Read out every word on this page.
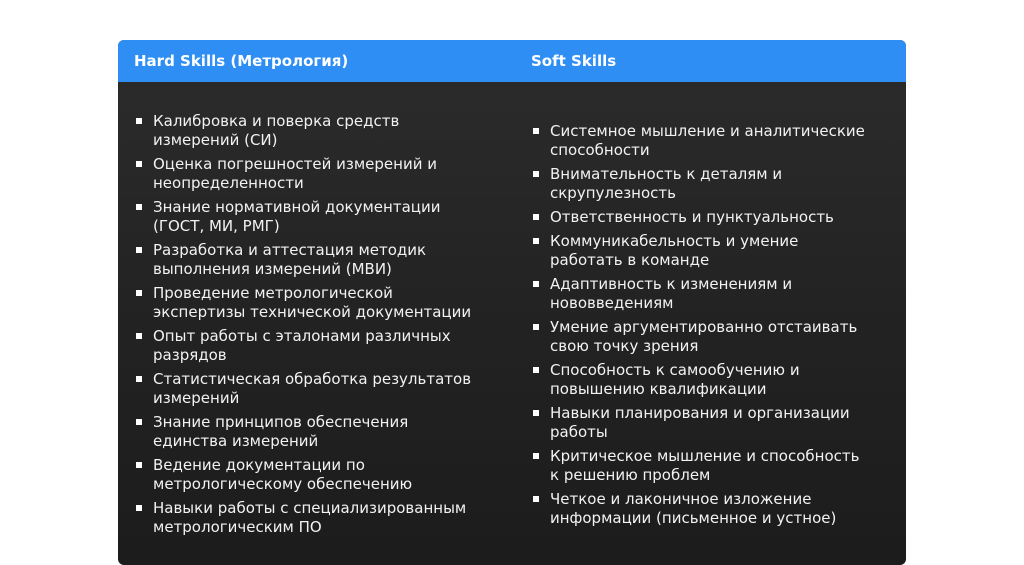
Hard Skills (Метрология)	Soft Skills
Калибровка и поверка средств
измерений (СИ)
Оценка погрешностей измерений и
неопределенности
Знание нормативной документации
(ГОСТ, МИ, РМГ)
Разработка и аттестация методик
выполнения измерений (МВИ)
Проведение метрологической
экспертизы технической документации
Опыт работы с эталонами различных
разрядов
Статистическая обработка результатов
измерений
Знание принципов обеспечения
единства измерений
Ведение документации по
метрологическому обеспечению
Навыки работы с специализированным
метрологическим ПО
Системное мышление и аналитические
способности
Внимательность к деталям и
скрупулезность
Ответственность и пунктуальность
Коммуникабельность и умение
работать в команде
Адаптивность к изменениям и
нововведениям
Умение аргументированно отстаивать
свою точку зрения
Способность к самообучению и
повышению квалификации
Навыки планирования и организации
работы
Критическое мышление и способность
к решению проблем
Четкое и лаконичное изложение
информации (письменное и устное)
